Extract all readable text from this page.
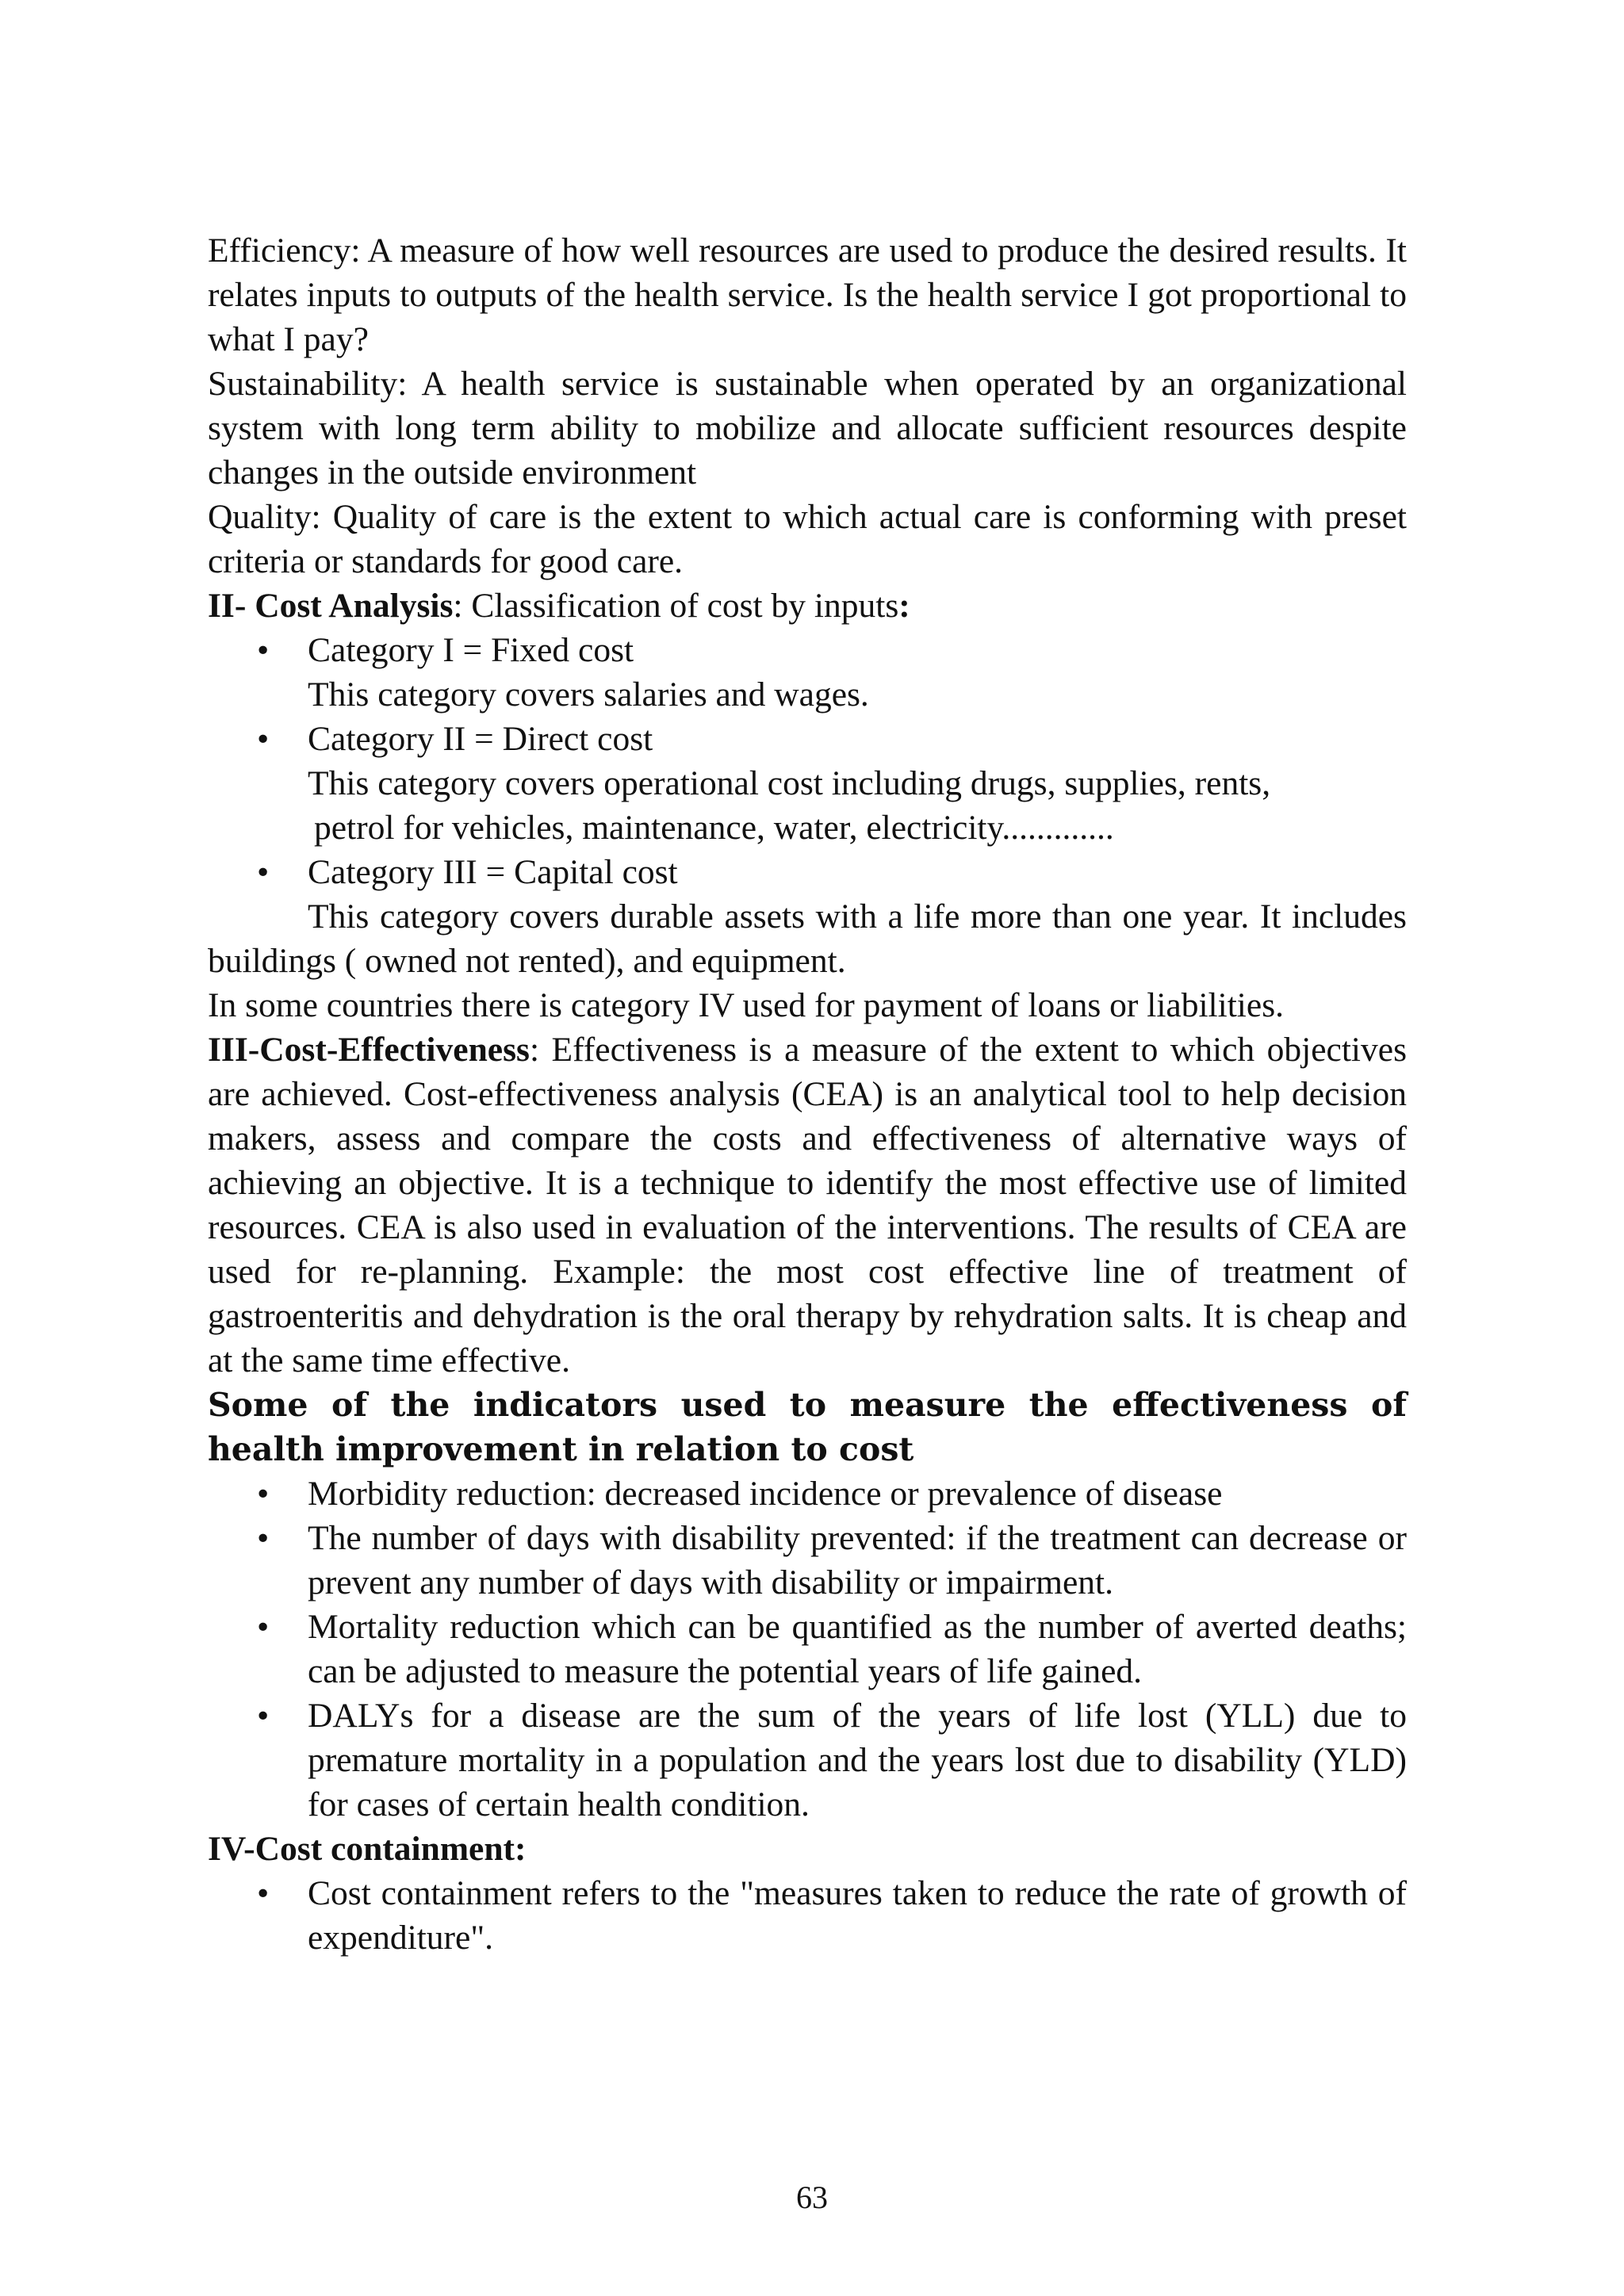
Efficiency: A measure of how well resources are used to produce the desired results. It relates inputs to outputs of the health service. Is the health service I got proportional to what I pay?

Sustainability: A health service is sustainable when operated by an organizational system with long term ability to mobilize and allocate sufficient resources despite changes in the outside environment

Quality: Quality of care is the extent to which actual care is conforming with preset criteria or standards for good care.

II- Cost Analysis: Classification of cost by inputs:

• Category I = Fixed cost
This category covers salaries and wages.
• Category II = Direct cost
This category covers operational cost including drugs, supplies, rents,
petrol for vehicles, maintenance, water, electricity.............
• Category III = Capital cost

This category covers durable assets with a life more than one year. It includes buildings ( owned not rented), and equipment.

In some countries there is category IV used for payment of loans or liabilities.

III-Cost-Effectiveness: Effectiveness is a measure of the extent to which objectives are achieved. Cost-effectiveness analysis (CEA) is an analytical tool to help decision makers, assess and compare the costs and effectiveness of alternative ways of achieving an objective. It is a technique to identify the most effective use of limited resources. CEA is also used in evaluation of the interventions. The results of CEA are used for re-planning. Example: the most cost effective line of treatment of gastroenteritis and dehydration is the oral therapy by rehydration salts. It is cheap and at the same time effective.

Some of the indicators used to measure the effectiveness of health improvement in relation to cost

• Morbidity reduction: decreased incidence or prevalence of disease
• The number of days with disability prevented: if the treatment can decrease or prevent any number of days with disability or impairment.
• Mortality reduction which can be quantified as the number of averted deaths; can be adjusted to measure the potential years of life gained.
• DALYs for a disease are the sum of the years of life lost (YLL) due to premature mortality in a population and the years lost due to disability (YLD) for cases of certain health condition.

IV-Cost containment:

• Cost containment refers to the "measures taken to reduce the rate of growth of expenditure".
63
